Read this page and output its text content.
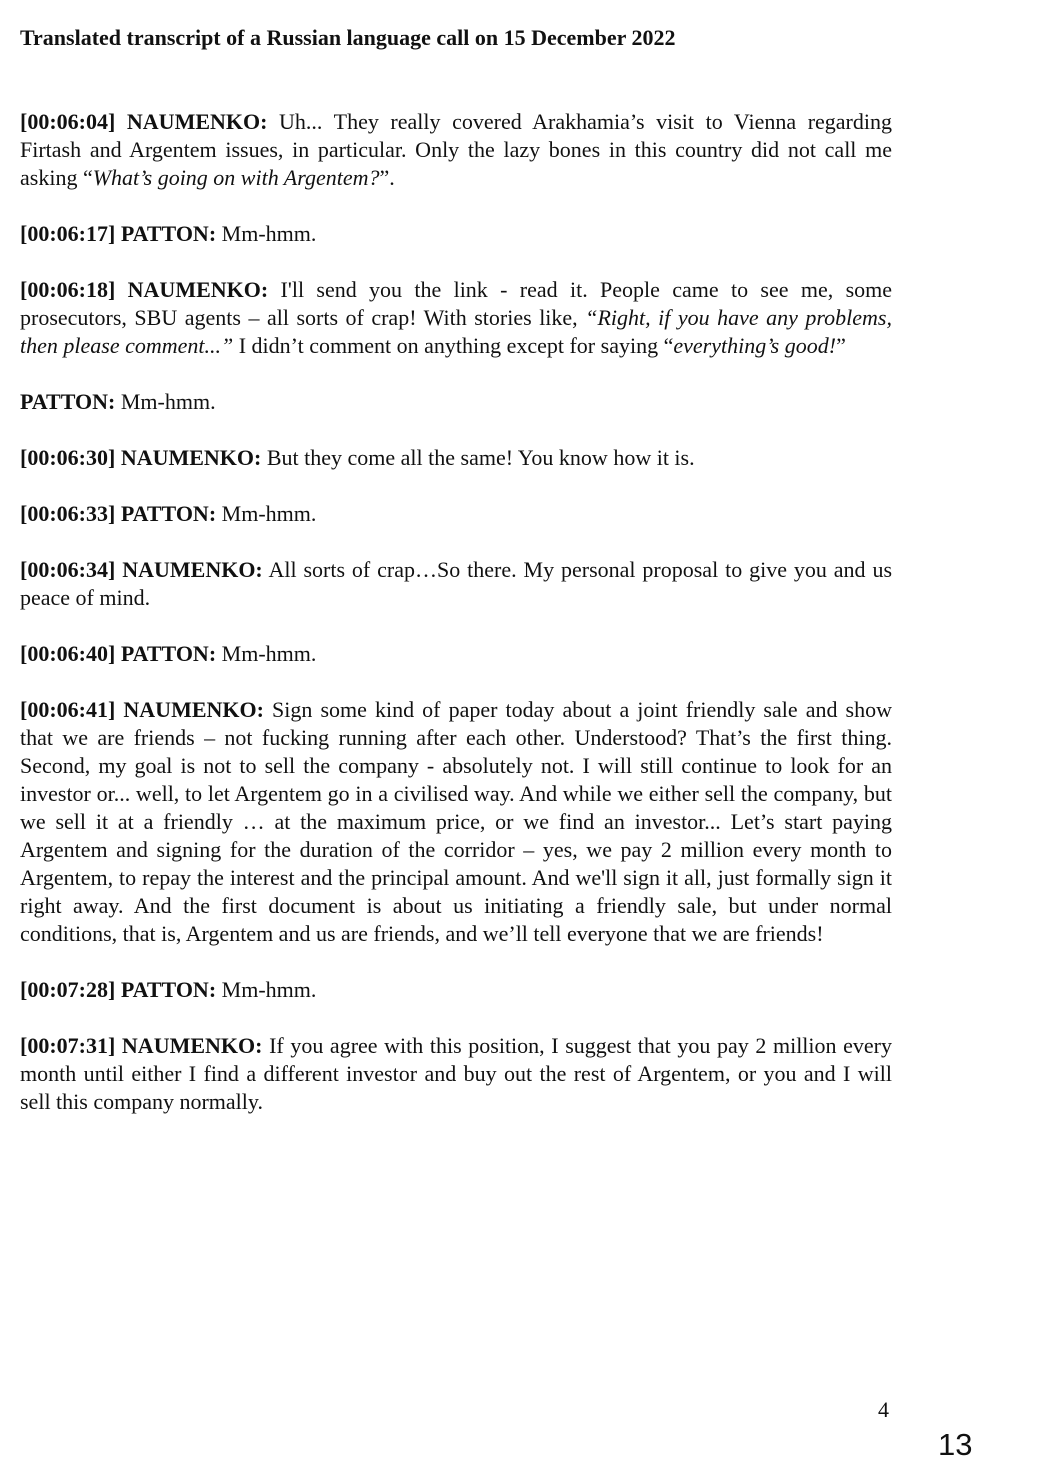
Translated transcript of a Russian language call on 15 December 2022

[00:06:04] NAUMENKO: Uh... They really covered Arakhamia’s visit to Vienna regarding Firtash and Argentem issues, in particular. Only the lazy bones in this country did not call me asking “What’s going on with Argentem?”.

[00:06:17] PATTON: Mm-hmm.

[00:06:18] NAUMENKO: I'll send you the link - read it. People came to see me, some prosecutors, SBU agents – all sorts of crap! With stories like, “Right, if you have any problems, then please comment...” I didn’t comment on anything except for saying “everything’s good!”

PATTON: Mm-hmm.

[00:06:30] NAUMENKO: But they come all the same! You know how it is.

[00:06:33] PATTON: Mm-hmm.

[00:06:34] NAUMENKO: All sorts of crap…So there. My personal proposal to give you and us peace of mind.

[00:06:40] PATTON: Mm-hmm.

[00:06:41] NAUMENKO: Sign some kind of paper today about a joint friendly sale and show that we are friends – not fucking running after each other. Understood? That’s the first thing. Second, my goal is not to sell the company - absolutely not. I will still continue to look for an investor or... well, to let Argentem go in a civilised way. And while we either sell the company, but we sell it at a friendly … at the maximum price, or we find an investor... Let’s start paying Argentem and signing for the duration of the corridor – yes, we pay 2 million every month to Argentem, to repay the interest and the principal amount. And we'll sign it all, just formally sign it right away. And the first document is about us initiating a friendly sale, but under normal conditions, that is, Argentem and us are friends, and we’ll tell everyone that we are friends!

[00:07:28] PATTON: Mm-hmm.

[00:07:31] NAUMENKO: If you agree with this position, I suggest that you pay 2 million every month until either I find a different investor and buy out the rest of Argentem, or you and I will sell this company normally.

4
13
